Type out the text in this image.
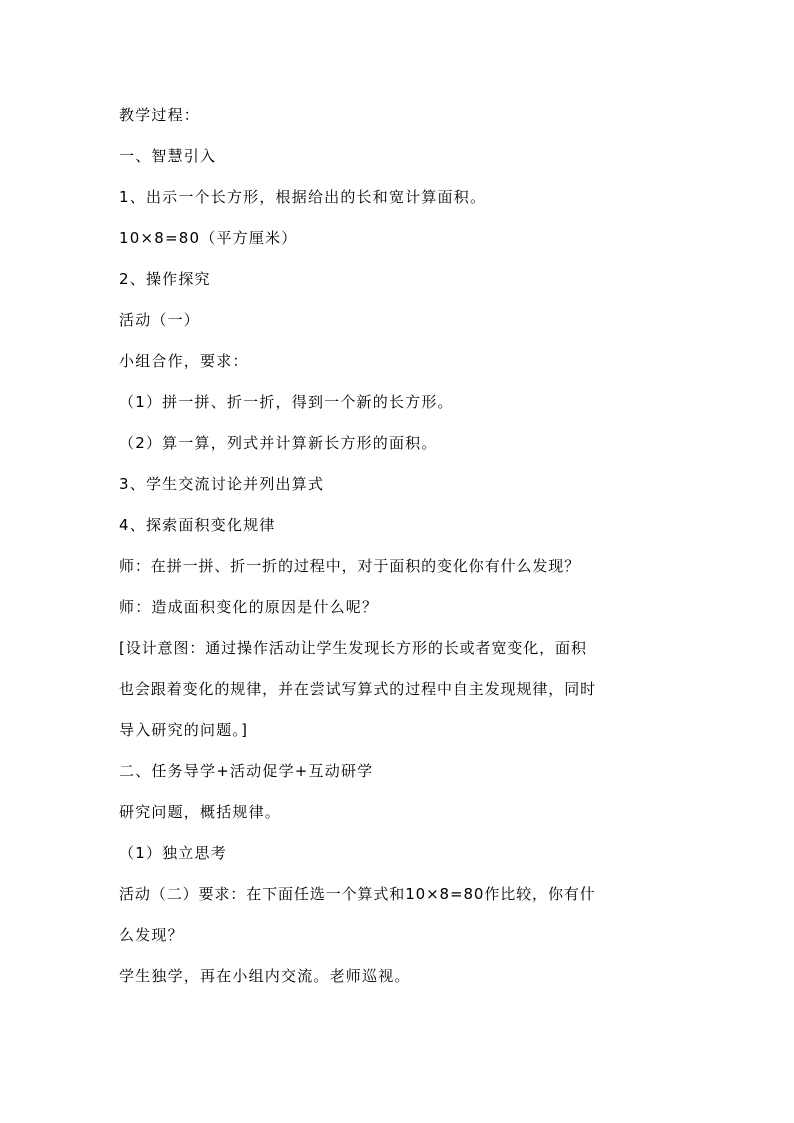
教学过程：
一、智慧引入
1、出示一个长方形，根据给出的长和宽计算面积。
10×8=80（平方厘米）
2、操作探究
活动（一）
小组合作，要求：
（1）拼一拼、折一折，得到一个新的长方形。
（2）算一算，列式并计算新长方形的面积。
3、学生交流讨论并列出算式
4、探索面积变化规律
师：在拼一拼、折一折的过程中，对于面积的变化你有什么发现？
师：造成面积变化的原因是什么呢？
[设计意图：通过操作活动让学生发现长方形的长或者宽变化，面积
也会跟着变化的规律，并在尝试写算式的过程中自主发现规律，同时
导入研究的问题。]
二、任务导学+活动促学+互动研学
研究问题，概括规律。
（1）独立思考
活动（二）要求：在下面任选一个算式和10×8=80作比较，你有什
么发现？
学生独学，再在小组内交流。老师巡视。
